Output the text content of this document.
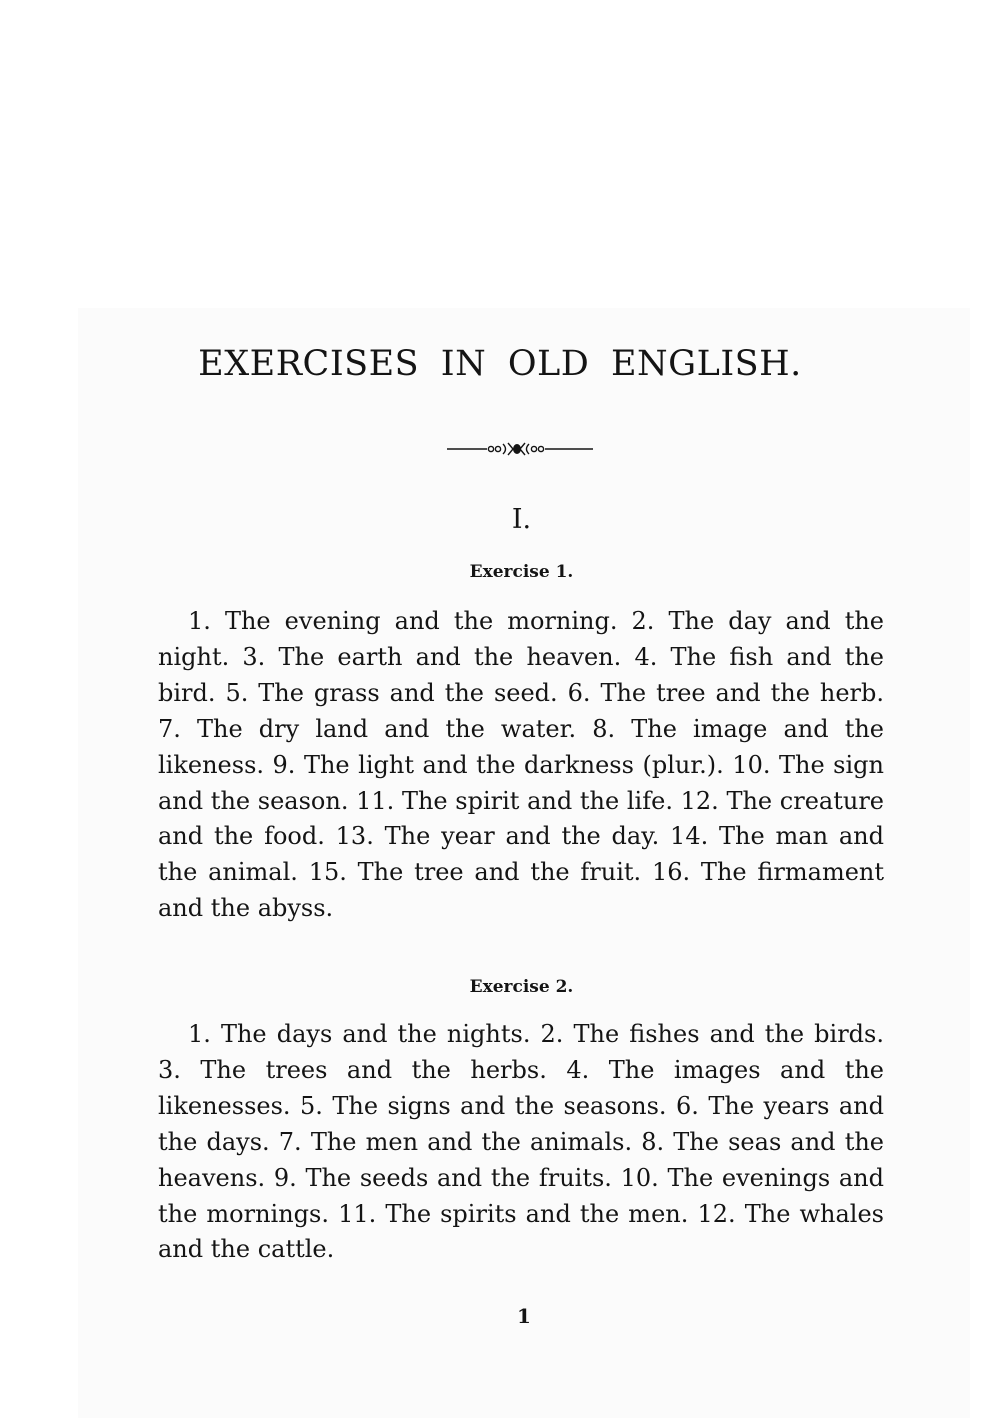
EXERCISES IN OLD ENGLISH.
I.
Exercise 1.

1. The evening and the morning. 2. The day and the night. 3. The earth and the heaven. 4. The fish and the bird. 5. The grass and the seed. 6. The tree and the herb. 7. The dry land and the water. 8. The image and the likeness. 9. The light and the darkness (plur.). 10. The sign and the season. 11. The spirit and the life. 12. The creature and the food. 13. The year and the day. 14. The man and the animal. 15. The tree and the fruit. 16. The firmament and the abyss.

Exercise 2.

1. The days and the nights. 2. The fishes and the birds. 3. The trees and the herbs. 4. The images and the likenesses. 5. The signs and the seasons. 6. The years and the days. 7. The men and the animals. 8. The seas and the heavens. 9. The seeds and the fruits. 10. The evenings and the mornings. 11. The spirits and the men. 12. The whales and the cattle.

1
